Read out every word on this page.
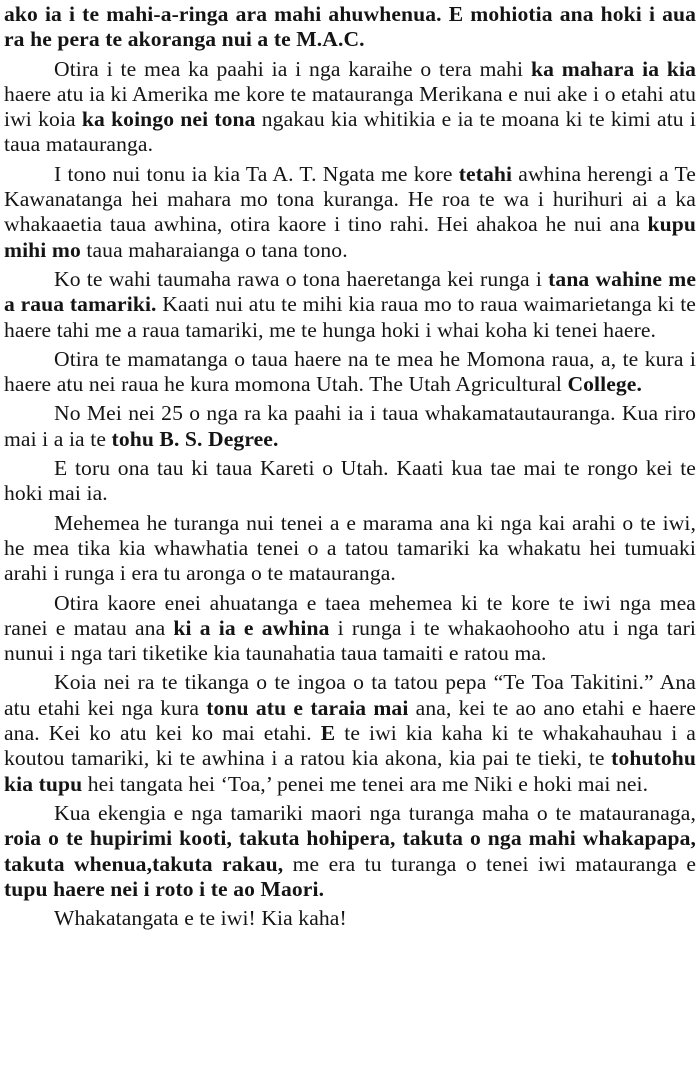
ako ia i te mahi-a-ringa ara mahi ahuwhenua. E mohiotia ana hoki i aua ra he pera te akoranga nui a te M.A.C.

Otira i te mea ka paahi ia i nga karaihe o tera mahi ka mahara ia kia haere atu ia ki Amerika me kore te matauranga Merikana e nui ake i o etahi atu iwi koia ka koingo nei tona ngakau kia whitikia e ia te moana ki te kimi atu i taua matauranga.

I tono nui tonu ia kia Ta A. T. Ngata me kore tetahi awhina herengi a Te Kawanatanga hei mahara mo tona kuranga. He roa te wa i hurihuri ai a ka whakaaetia taua awhina, otira kaore i tino rahi. Hei ahakoa he nui ana kupu mihi mo taua maharaianga o tana tono.

Ko te wahi taumaha rawa o tona haeretanga kei runga i tana wahine me a raua tamariki. Kaati nui atu te mihi kia raua mo to raua waimarietanga ki te haere tahi me a raua tamariki, me te hunga hoki i whai koha ki tenei haere.

Otira te mamatanga o taua haere na te mea he Momona raua, a, te kura i haere atu nei raua he kura momona Utah. The Utah Agricultural College.

No Mei nei 25 o nga ra ka paahi ia i taua whakamatautauranga. Kua riro mai i a ia te tohu B. S. Degree.

E toru ona tau ki taua Kareti o Utah. Kaati kua tae mai te rongo kei te hoki mai ia.

Mehemea he turanga nui tenei a e marama ana ki nga kai arahi o te iwi, he mea tika kia whawhatia tenei o a tatou tamariki ka whakatu hei tumuaki arahi i runga i era tu aronga o te matauranga.

Otira kaore enei ahuatanga e taea mehemea ki te kore te iwi nga mea ranei e matau ana ki a ia e awhina i runga i te whakaohooho atu i nga tari nunui i nga tari tiketike kia taunahatia taua tamaiti e ratou ma.

Koia nei ra te tikanga o te ingoa o ta tatou pepa “Te Toa Takitini.” Ana atu etahi kei nga kura tonu atu e taraia mai ana, kei te ao ano etahi e haere ana. Kei ko atu kei ko mai etahi. E te iwi kia kaha ki te whakahauhau i a koutou tamariki, ki te awhina i a ratou kia akona, kia pai te tieki, te tohutohu kia tupu hei tangata hei ‘Toa,’ penei me tenei ara me Niki e hoki mai nei.

Kua ekengia e nga tamariki maori nga turanga maha o te matauranaga, roia o te hupirimi kooti, takuta hohipera, takuta o nga mahi whakapapa, takuta whenua,takuta rakau, me era tu turanga o tenei iwi matauranga e tupu haere nei i roto i te ao Maori.

Whakatangata e te iwi! Kia kaha!
